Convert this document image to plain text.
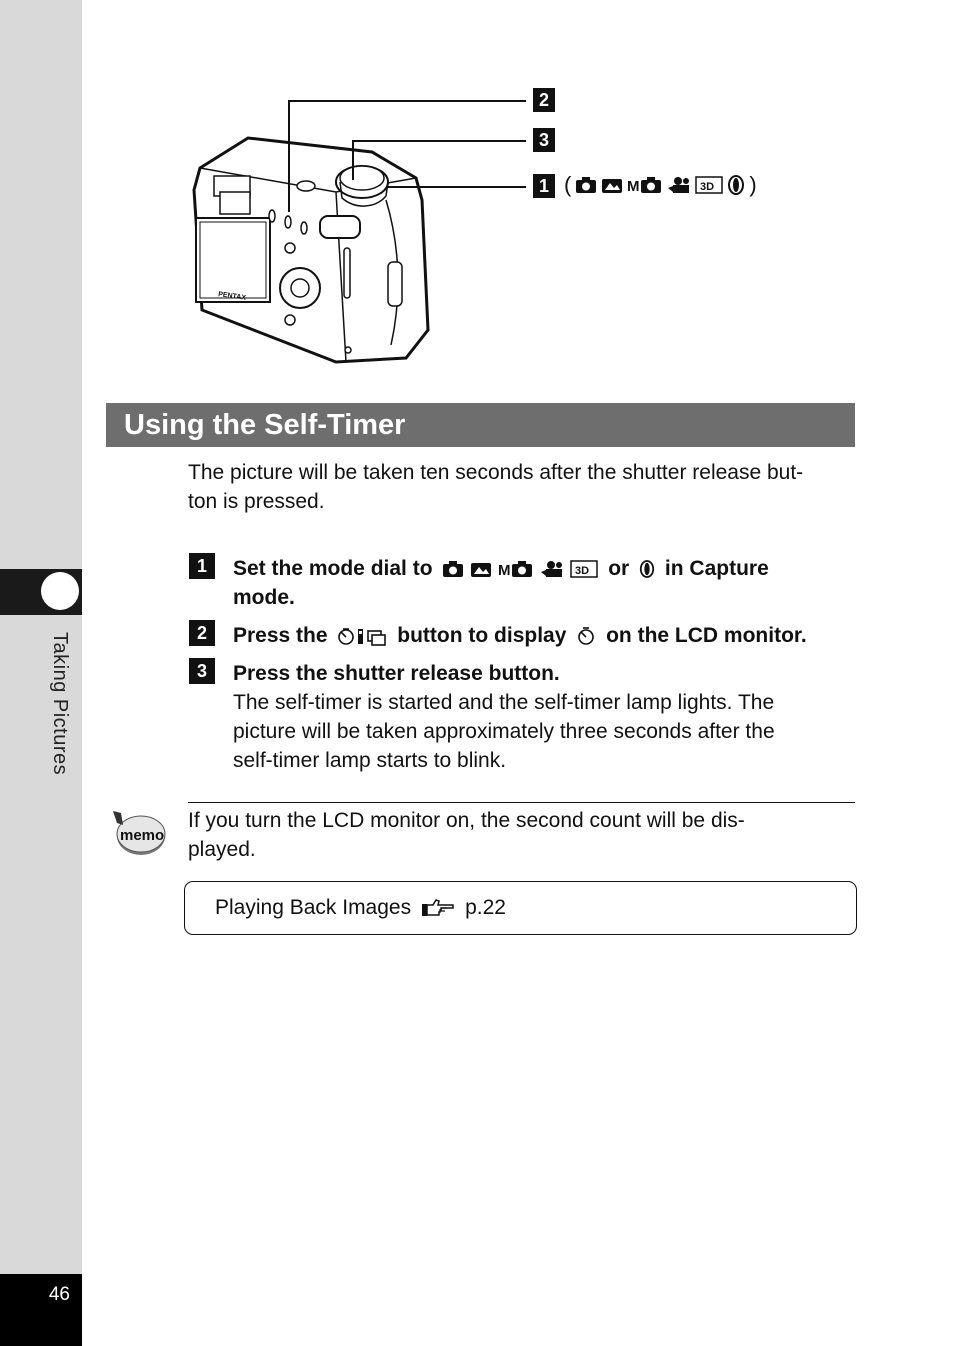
Taking Pictures
46
PENTAX
2
3
1 (	M	3D )
Using the Self-Timer
The picture will be taken ten seconds after the shutter release but-
ton is pressed.
1	Set the mode dial to	M	3D or in Capture
mode.
2	Press the	button to display on the LCD monitor.
3	Press the shutter release button.
The self-timer is started and the self-timer lamp lights. The
picture will be taken approximately three seconds after the
self-timer lamp starts to blink.
memo
If you turn the LCD monitor on, the second count will be dis-
played.
Playing Back Images	p.22
